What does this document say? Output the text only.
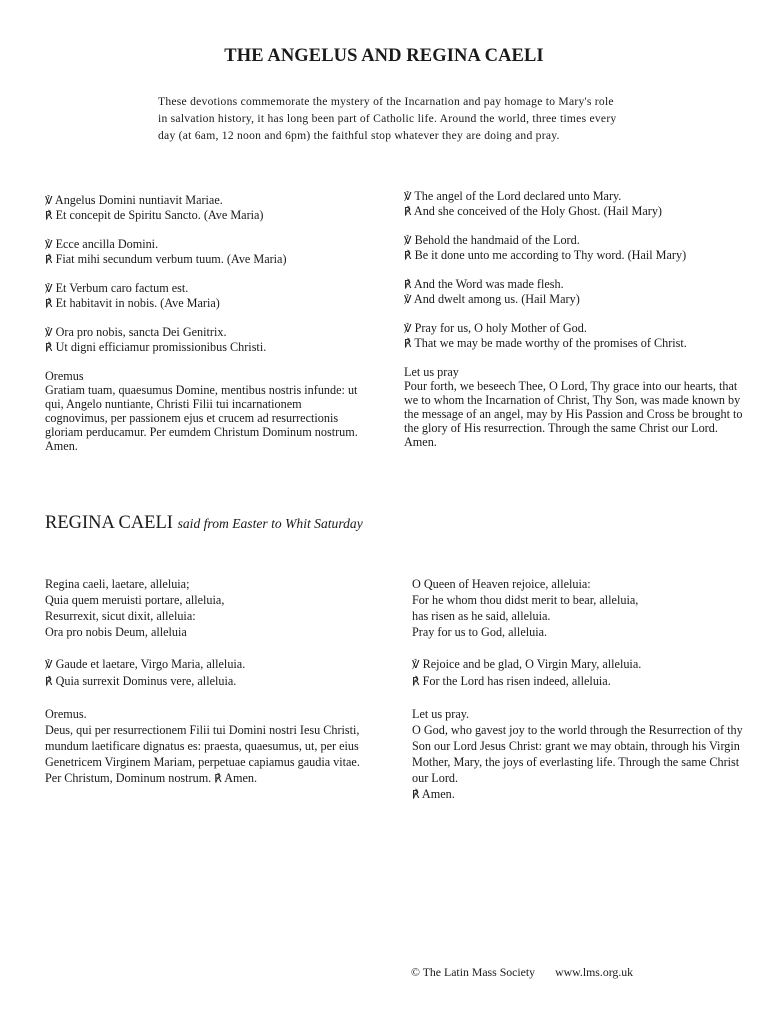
THE ANGELUS AND REGINA CAELI
These devotions commemorate the mystery of the Incarnation and pay homage to Mary's role in salvation history, it has long been part of Catholic life. Around the world, three times every day (at 6am, 12 noon and 6pm) the faithful stop whatever they are doing and pray.

℣ Angelus Domini nuntiavit Mariae.

℟ Et concepit de Spiritu Sancto. (Ave Maria)

℣ Ecce ancilla Domini.

℟ Fiat mihi secundum verbum tuum. (Ave Maria)

℣ Et Verbum caro factum est.

℟ Et habitavit in nobis. (Ave Maria)

℣ Ora pro nobis, sancta Dei Genitrix.

℟ Ut digni efficiamur promissionibus Christi.

Oremus

Gratiam tuam, quaesumus Domine, mentibus nostris infunde: ut qui, Angelo nuntiante, Christi Filii tui incarnationem cognovimus, per passionem ejus et crucem ad resurrectionis gloriam perducamur. Per eumdem Christum Dominum nostrum. Amen.

℣ The angel of the Lord declared unto Mary.

℟ And she conceived of the Holy Ghost. (Hail Mary)

℣ Behold the handmaid of the Lord.

℟ Be it done unto me according to Thy word. (Hail Mary)

℟ And the Word was made flesh.

℣ And dwelt among us. (Hail Mary)

℣ Pray for us, O holy Mother of God.

℟ That we may be made worthy of the promises of Christ.

Let us pray

Pour forth, we beseech Thee, O Lord, Thy grace into our hearts, that we to whom the Incarnation of Christ, Thy Son, was made known by the message of an angel, may by His Passion and Cross be brought to the glory of His resurrection. Through the same Christ our Lord. Amen.

REGINA CAELI said from Easter to Whit Saturday

Regina caeli, laetare, alleluia;

Quia quem meruisti portare, alleluia,

Resurrexit, sicut dixit, alleluia:

Ora pro nobis Deum, alleluia

℣ Gaude et laetare, Virgo Maria, alleluia.

℟ Quia surrexit Dominus vere, alleluia.

Oremus.

Deus, qui per resurrectionem Filii tui Domini nostri Iesu Christi, mundum laetificare dignatus es: praesta, quaesumus, ut, per eius Genetricem Virginem Mariam, perpetuae capiamus gaudia vitae. Per Christum, Dominum nostrum. ℟ Amen.

O Queen of Heaven rejoice, alleluia:

For he whom thou didst merit to bear, alleluia,

has risen as he said, alleluia.

Pray for us to God, alleluia.

℣ Rejoice and be glad, O Virgin Mary, alleluia.

℟ For the Lord has risen indeed, alleluia.

Let us pray.

O God, who gavest joy to the world through the Resurrection of thy Son our Lord Jesus Christ: grant we may obtain, through his Virgin Mother, Mary, the joys of everlasting life. Through the same Christ our Lord.

℟ Amen.

© The Latin Mass Society www.lms.org.uk
